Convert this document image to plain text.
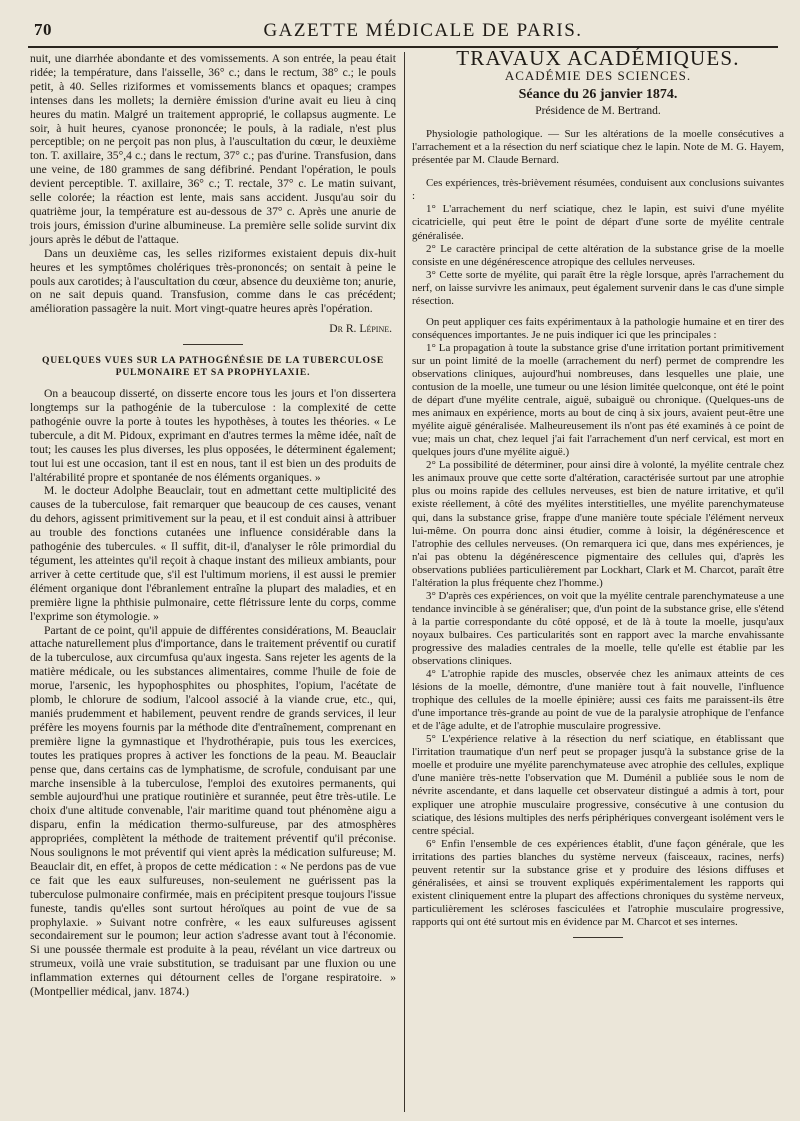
70	GAZETTE MÉDICALE DE PARIS.

nuit, une diarrhée abondante et des vomissements. A son entrée, la peau était ridée; la température, dans l'aisselle, 36° c.; dans le rectum, 38° c.; le pouls petit, à 40. Selles riziformes et vomissements blancs et opaques; crampes intenses dans les mollets; la dernière émission d'urine avait eu lieu à cinq heures du matin. Malgré un traitement approprié, le collapsus augmente. Le soir, à huit heures, cyanose prononcée; le pouls, à la radiale, n'est plus perceptible; on ne perçoit pas non plus, à l'auscultation du cœur, le deuxième ton. T. axillaire, 35°,4 c.; dans le rectum, 37° c.; pas d'urine. Transfusion, dans une veine, de 180 grammes de sang défibriné. Pendant l'opération, le pouls devient perceptible. T. axillaire, 36° c.; T. rectale, 37° c. Le matin suivant, selle colorée; la réaction est lente, mais sans accident. Jusqu'au soir du quatrième jour, la température est au-dessous de 37° c. Après une anurie de trois jours, émission d'urine albumineuse. La première selle solide survint dix jours après le début de l'attaque.

Dans un deuxième cas, les selles riziformes existaient depuis dix-huit heures et les symptômes cholériques très-prononcés; on sentait à peine le pouls aux carotides; à l'auscultation du cœur, absence du deuxième ton; anurie, on ne sait depuis quand. Transfusion, comme dans le cas précédent; amélioration passagère la nuit. Mort vingt-quatre heures après l'opération.

Dr R. Lépine.
QUELQUES VUES SUR LA PATHOGÉNÉSIE DE LA TUBERCULOSE PULMONAIRE ET SA PROPHYLAXIE.

On a beaucoup disserté, on disserte encore tous les jours et l'on disserterа longtemps sur la pathogénie de la tuberculose : la complexité de cette pathogénie ouvre la porte à toutes les hypothèses, à toutes les théories. « Le tubercule, a dit M. Pidoux, exprimant en d'autres termes la même idée, naît de tout; les causes les plus diverses, les plus opposées, le déterminent également; tout lui est une occasion, tant il est en nous, tant il est bien un des produits de l'altérabilité propre et spontanée de nos éléments organiques. »

M. le docteur Adolphe Beauclair, tout en admettant cette multiplicité des causes de la tuberculose, fait remarquer que beaucoup de ces causes, venant du dehors, agissent primitivement sur la peau, et il est conduit ainsi à attribuer au trouble des fonctions cutanées une influence considérable dans la pathogénie des tubercules. « Il suffit, dit-il, d'analyser le rôle primordial du tégument, les atteintes qu'il reçoit à chaque instant des milieux ambiants, pour arriver à cette certitude que, s'il est l'ultimum moriens, il est aussi le premier élément organique dont l'ébranlement entraîne la plupart des maladies, et en première ligne la phthisie pulmonaire, cette flétrissure lente du corps, comme l'exprime son étymologie. »

Partant de ce point, qu'il appuie de différentes considérations, M. Beauclair attache naturellement plus d'importance, dans le traitement préventif ou curatif de la tuberculose, aux circumfusa qu'aux ingesta. Sans rejeter les agents de la matière médicale, ou les substances alimentaires, comme l'huile de foie de morue, l'arsenic, les hypophosphites ou phosphites, l'opium, l'acétate de plomb, le chlorure de sodium, l'alcool associé à la viande crue, etc., qui, maniés prudemment et habilement, peuvent rendre de grands services, il leur préfère les moyens fournis par la méthode dite d'entraînement, comprenant en première ligne la gymnastique et l'hydrothérapie, puis tous les exercices, toutes les pratiques propres à activer les fonctions de la peau. M. Beauclair pense que, dans certains cas de lymphatisme, de scrofule, conduisant par une marche insensible à la tuberculose, l'emploi des exutoires permanents, qui semble aujourd'hui une pratique routinière et surannée, peut être très-utile. Le choix d'une altitude convenable, l'air maritime quand tout phénomène aigu a disparu, enfin la médication thermo-sulfureuse, par des atmosphères appropriées, complètent la méthode de traitement préventif qu'il préconise. Nous soulignons le mot préventif qui vient après la médication sulfureuse; M. Beauclair dit, en effet, à propos de cette médication : « Ne perdons pas de vue ce fait que les eaux sulfureuses, non-seulement ne guérissent pas la tuberculose pulmonaire confirmée, mais en précipitent presque toujours l'issue funeste, tandis qu'elles sont surtout héroïques au point de vue de sa prophylaxie. » Suivant notre confrère, « les eaux sulfureuses agissent secondairement sur le poumon; leur action s'adresse avant tout à l'économie. Si une poussée thermale est produite à la peau, révélant un vice dartreux ou strumeux, voilà une vraie substitution, se traduisant par une fluxion ou une inflammation externes qui détournent celles de l'organe respiratoire. » (Montpellier médical, janv. 1874.)

TRAVAUX ACADÉMIQUES.
ACADÉMIE DES SCIENCES.
Séance du 26 janvier 1874.
Présidence de M. Bertrand.

Physiologie pathologique. — Sur les altérations de la moelle consécutives a l'arrachement et a la résection du nerf sciatique chez le lapin. Note de M. G. Hayem, présentée par M. Claude Bernard.

Ces expériences, très-brièvement résumées, conduisent aux conclusions suivantes :

1° L'arrachement du nerf sciatique, chez le lapin, est suivi d'une myélite cicatricielle, qui peut être le point de départ d'une sorte de myélite centrale généralisée.

2° Le caractère principal de cette altération de la substance grise de la moelle consiste en une dégénérescence atropique des cellules nerveuses.

3° Cette sorte de myélite, qui paraît être la règle lorsque, après l'arrachement du nerf, on laisse survivre les animaux, peut également survenir dans le cas d'une simple résection.

On peut appliquer ces faits expérimentaux à la pathologie humaine et en tirer des conséquences importantes. Je ne puis indiquer ici que les principales :

1° La propagation à toute la substance grise d'une irritation portant primitivement sur un point limité de la moelle (arrachement du nerf) permet de comprendre les observations cliniques, aujourd'hui nombreuses, dans lesquelles une plaie, une contusion de la moelle, une tumeur ou une lésion limitée quelconque, ont été le point de départ d'une myélite centrale, aiguë, subaiguë ou chronique. (Quelques-uns de mes animaux en expérience, morts au bout de cinq à six jours, avaient peut-être une myélite aiguë généralisée. Malheureusement ils n'ont pas été examinés à ce point de vue; mais un chat, chez lequel j'ai fait l'arrachement d'un nerf cervical, est mort en quelques jours d'une myélite aiguë.)

2° La possibilité de déterminer, pour ainsi dire à volonté, la myélite centrale chez les animaux prouve que cette sorte d'altération, caractérisée surtout par une atrophie plus ou moins rapide des cellules nerveuses, est bien de nature irritative, et qu'il existe réellement, à côté des myélites interstitielles, une myélite parenchymateuse qui, dans la substance grise, frappe d'une manière toute spéciale l'élément nerveux lui-même. On pourra donc ainsi étudier, comme à loisir, la dégénérescence et l'atrophie des cellules nerveuses. (On remarquera ici que, dans mes expériences, je n'ai pas obtenu la dégénérescence pigmentaire des cellules qui, d'après les observations publiées particulièrement par Lockhart, Clark et M. Charcot, paraît être l'altération la plus fréquente chez l'homme.)

3° D'après ces expériences, on voit que la myélite centrale parenchymateuse a une tendance invincible à se généraliser; que, d'un point de la substance grise, elle s'étend à la partie correspondante du côté opposé, et de là à toute la moelle, jusqu'aux noyaux bulbaires. Ces particularités sont en rapport avec la marche envahissante progressive des maladies centrales de la moelle, telle qu'elle est établie par les observations cliniques.

4° L'atrophie rapide des muscles, observée chez les animaux atteints de ces lésions de la moelle, démontre, d'une manière tout à fait nouvelle, l'influence trophique des cellules de la moelle épinière; aussi ces faits me paraissent-ils être d'une importance très-grande au point de vue de la paralysie atrophique de l'enfance et de l'âge adulte, et de l'atrophie musculaire progressive.

5° L'expérience relative à la résection du nerf sciatique, en établissant que l'irritation traumatique d'un nerf peut se propager jusqu'à la substance grise de la moelle et produire une myélite parenchymateuse avec atrophie des cellules, explique d'une manière très-nette l'observation que M. Duménil a publiée sous le nom de névrite ascendante, et dans laquelle cet observateur distingué a admis à tort, pour expliquer une atrophie musculaire progressive, consécutive à une contusion du sciatique, des lésions multiples des nerfs périphériques convergeant isolément vers le centre spécial.

6° Enfin l'ensemble de ces expériences établit, d'une façon générale, que les irritations des parties blanches du système nerveux (faisceaux, racines, nerfs) peuvent retentir sur la substance grise et y produire des lésions diffuses et généralisées, et ainsi se trouvent expliqués expérimentalement les rapports qui existent cliniquement entre la plupart des affections chroniques du système nerveux, particulièrement les scléroses fasciculées et l'atrophie musculaire progressive, rapports qui ont été surtout mis en évidence par M. Charcot et ses internes.
